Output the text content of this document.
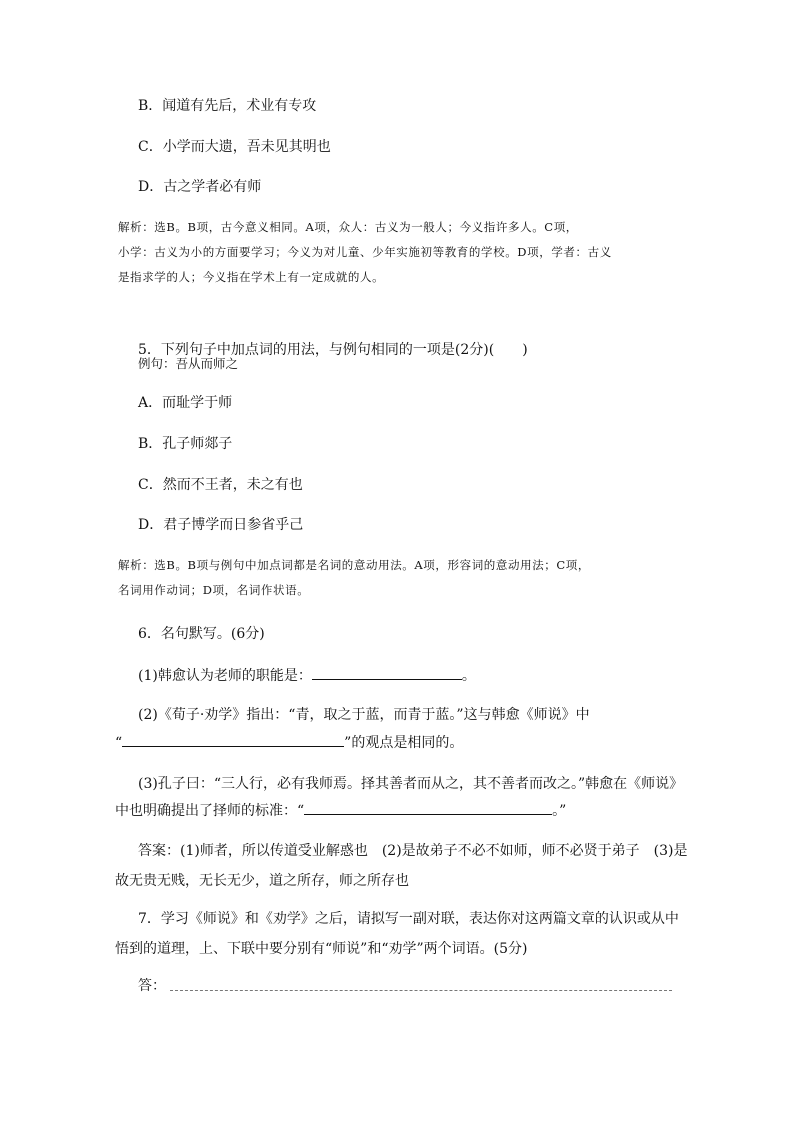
B．闻道有先后，术业有专攻
C．小学而大遗，吾未见其明也
D．古之学者必有师
解析：选B。B项，古今意义相同。A项，众人：古义为一般人；今义指许多人。C项，
小学：古义为小的方面要学习；今义为对儿童、少年实施初等教育的学校。D项，学者：古义
是指求学的人；今义指在学术上有一定成就的人。
5．下列句子中加点词的用法，与例句相同的一项是(2分)(　　)
例句：吾从而师之
A．而耻学于师
B．孔子师郯子
C．然而不王者，未之有也
D．君子博学而日参省乎己
解析：选B。B项与例句中加点词都是名词的意动用法。A项，形容词的意动用法；C项，
名词用作动词；D项，名词作状语。
6．名句默写。(6分)
(1)韩愈认为老师的职能是：	。
(2)《荀子·劝学》指出：“青，取之于蓝，而青于蓝。”这与韩愈《师说》中
“	”的观点是相同的。
(3)孔子曰：“三人行，必有我师焉。择其善者而从之，其不善者而改之。”韩愈在《师说》
中也明确提出了择师的标准：“	。”
答案：(1)师者，所以传道受业解惑也　(2)是故弟子不必不如师，师不必贤于弟子　(3)是
故无贵无贱，无长无少，道之所存，师之所存也
7．学习《师说》和《劝学》之后，请拟写一副对联，表达你对这两篇文章的认识或从中
悟到的道理，上、下联中要分别有“师说”和“劝学”两个词语。(5分)
答：
